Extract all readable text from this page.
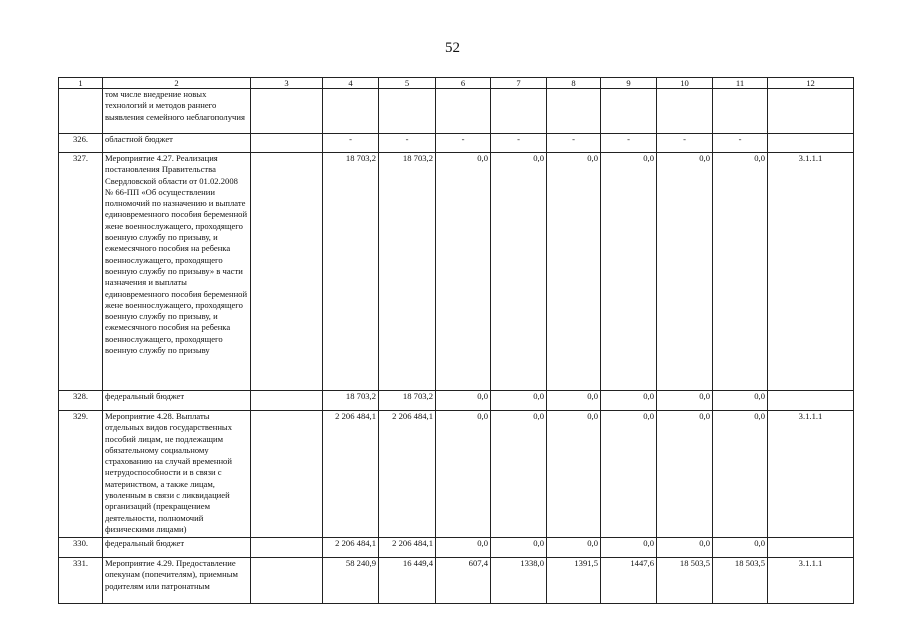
52
1	2	3	4	5	6	7	8	9	10	11	12
	том числе внедрение новых технологий и методов раннего выявления семейного неблагополучия										
326.	областной бюджет		-	-	-	-	-	-	-	-	
327.	Мероприятие 4.27. Реализация постановления Правительства Свердловской области от 01.02.2008 № 66-ПП «Об осуществлении полномочий по назначению и выплате единовременного пособия беременной жене военнослужащего, проходящего военную службу по призыву, и ежемесячного пособия на ребенка военнослужащего, проходящего военную службу по призыву» в части назначения и выплаты единовременного пособия беременной жене военнослужащего, проходящего военную службу по призыву, и ежемесячного пособия на ребенка военнослужащего, проходящего военную службу по призыву		18 703,2	18 703,2	0,0	0,0	0,0	0,0	0,0	0,0	3.1.1.1
328.	федеральный бюджет		18 703,2	18 703,2	0,0	0,0	0,0	0,0	0,0	0,0	
329.	Мероприятие 4.28. Выплаты отдельных видов государственных пособий лицам, не подлежащим обязательному социальному страхованию на случай временной нетрудоспособности и в связи с материнством, а также лицам, уволенным в связи с ликвидацией организаций (прекращением деятельности, полномочий физическими лицами)		2 206 484,1	2 206 484,1	0,0	0,0	0,0	0,0	0,0	0,0	3.1.1.1
330.	федеральный бюджет		2 206 484,1	2 206 484,1	0,0	0,0	0,0	0,0	0,0	0,0	
331.	Мероприятие 4.29. Предоставление опекунам (попечителям), приемным родителям или патронатным		58 240,9	16 449,4	607,4	1338,0	1391,5	1447,6	18 503,5	18 503,5	3.1.1.1
